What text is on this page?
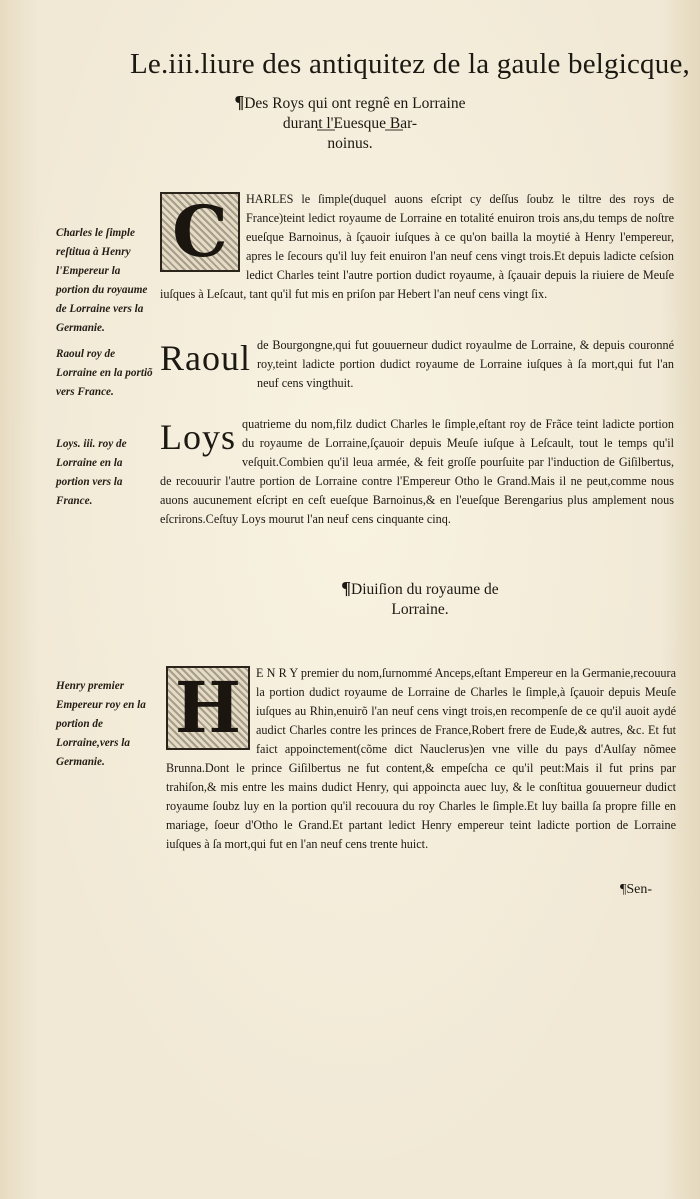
Le.iii.liure des antiquitez de la gaule belgicque,
¶Des Roys qui ont regnê en Lorraine
durant l'Euesque Bar-
noinus.
Charles le ſimple reſtitua à Henry l'Empereur la portion du royaume de Lorraine vers la Germanie.
Raoul roy de Lorraine en la portiõ vers France.
Loys. iii. roy de Lorraine en la portion vers la France.
Henry premier Empereur roy en la portion de Lorraine,vers la Germanie.
C	HARLES le ſimple(duquel auons eſcript cy deſſus ſoubz le tiltre des roys de France)teint ledict royaume de Lorraine en totalité enuiron trois ans,du temps de noſtre eueſque Barnoinus, à ſçauoir iuſques à ce qu'on bailla la moytié à Henry l'empereur, apres le ſecours qu'il luy feit enuiron l'an neuf cens vingt trois.Et depuis ladicte ceſsion ledict Charles teint l'autre portion dudict royaume, à ſçauair depuis la riuiere de Meuſe iuſques à Leſcaut, tant qu'il fut mis en priſon par Hebert l'an neuf cens vingt ſix.

Raoul de Bourgongne,qui fut gouuerneur dudict royaulme de Lorraine, & depuis couronné roy,teint ladicte portion dudict royaume de Lorraine iuſques à ſa mort,qui fut l'an neuf cens vingthuit.

Loys quatrieme du nom,filz dudict Charles le ſimple,eſtant roy de Frãce teint ladicte portion du royaume de Lorraine,ſçauoir depuis Meuſe iuſque à Leſcault, tout le temps qu'il veſquit.Combien qu'il leua armée, & feit groſſe pourſuite par l'induction de Giſilbertus, de recouurir l'autre portion de Lorraine contre l'Empereur Otho le Grand.Mais il ne peut,comme nous auons aucunement eſcript en ceſt eueſque Barnoinus,& en l'eueſque Berengarius plus amplement nous eſcrirons.Ceſtuy Loys mourut l'an neuf cens cinquante cinq.

¶Diuiſion du royaume de
Lorraine.
H	E N R Y premier du nom,ſurnommé Anceps,eſtant Empereur en la Germanie,recouura la portion dudict royaume de Lorraine de Charles le ſimple,à ſçauoir depuis Meuſe iuſques au Rhin,enuirõ l'an neuf cens vingt trois,en recompenſe de ce qu'il auoit aydé audict Charles contre les princes de France,Robert frere de Eude,& autres, &c. Et fut faict appoinctement(cõme dict Nauclerus)en vne ville du pays d'Aulſay nõmee Brunna.Dont le prince Giſilbertus ne fut content,& empeſcha ce qu'il peut:Mais il fut prins par trahiſon,& mis entre les mains dudict Henry, qui appoincta auec luy, & le conſtitua gouuerneur dudict royaume ſoubz luy en la portion qu'il recouura du roy Charles le ſimple.Et luy bailla ſa propre fille en mariage, ſoeur d'Otho le Grand.Et partant ledict Henry empereur teint ladicte portion de Lorraine iuſques à ſa mort,qui fut en l'an neuf cens trente huict.

¶Sen-
